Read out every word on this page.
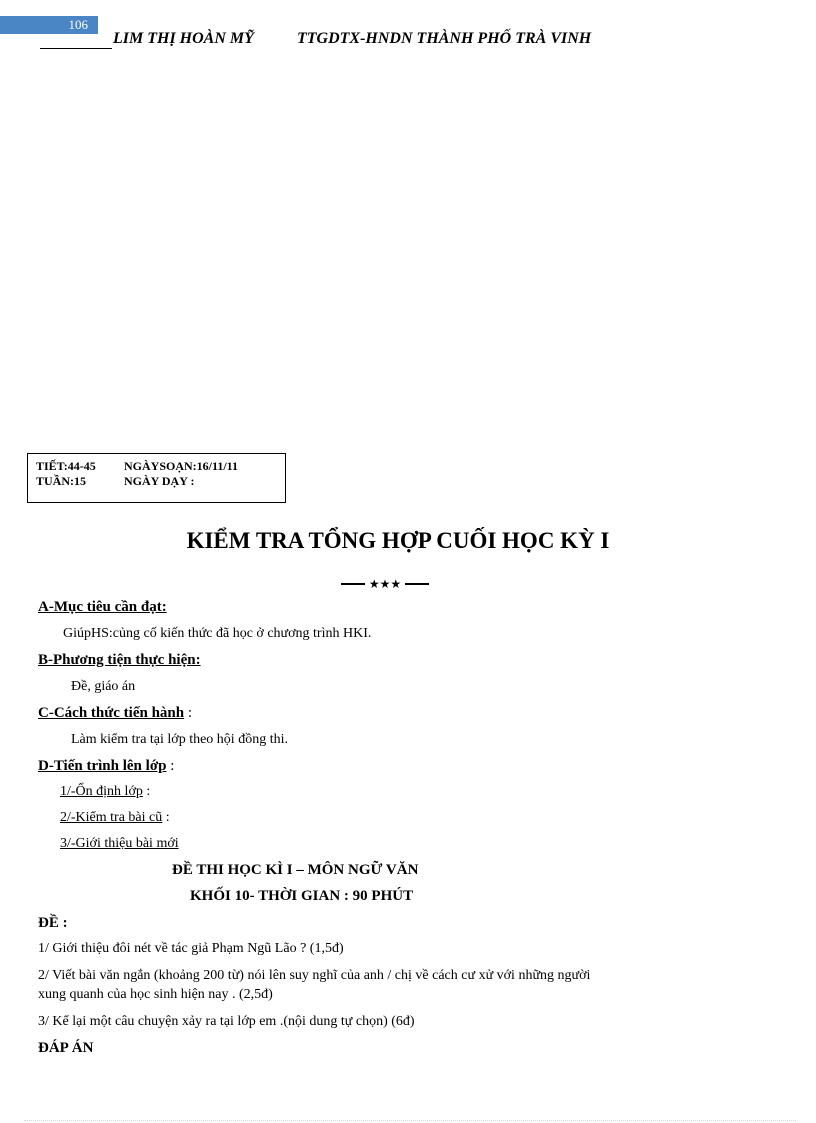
106
LIM THỊ HOÀN MỸ	TTGDTX-HNDN THÀNH PHỐ TRÀ VINH
TIẾT:44-45 NGÀYSOẠN:16/11/11
TUẦN:15	NGÀY DẠY :
KIỂM TRA TỔNG HỢP CUỐI HỌC KỲ I
★★★
A-Mục tiêu cần đạt:
GiúpHS:củng cố kiến thức đã học ở chương trình HKI.
B-Phương tiện thực hiện:
Đề, giáo án
C-Cách thức tiến hành :
Làm kiểm tra tại lớp theo hội đồng thi.
D-Tiến trình lên lớp :
1/-Ổn định lớp :
2/-Kiểm tra bài cũ :
3/-Giới thiệu bài mới
ĐỀ THI HỌC KÌ I – MÔN NGỮ VĂN
KHỐI 10- THỜI GIAN : 90 PHÚT
ĐỀ :
1/ Giới thiệu đôi nét về tác giả Phạm Ngũ Lão ? (1,5đ)
2/ Viết bài văn ngắn (khoảng 200 từ) nói lên suy nghĩ của anh / chị về cách cư xử với những người
xung quanh của học sinh hiện nay . (2,5đ)
3/ Kể lại một câu chuyện xảy ra tại lớp em .(nội dung tự chọn) (6đ)
ĐÁP ÁN
